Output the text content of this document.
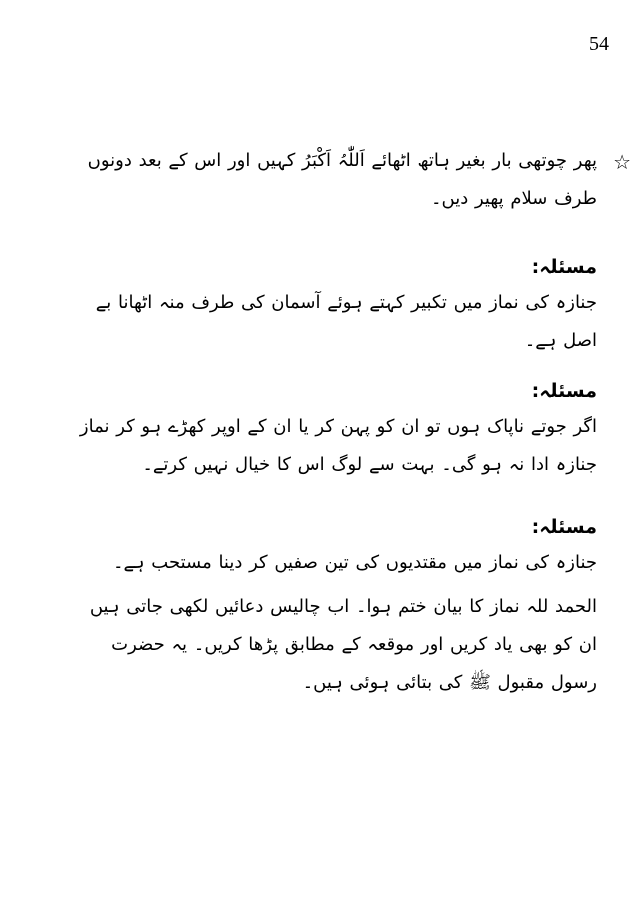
54
☆

پھر چوتھی بار بغیر ہاتھ اٹھائے اَللّٰہُ اَکْبَرُ کہیں اور اس کے بعد دونوں طرف سلام پھیر دیں۔

مسئلہ:

جنازہ کی نماز میں تکبیر کہتے ہوئے آسمان کی طرف منہ اٹھانا بے اصل ہے۔

مسئلہ:

اگر جوتے ناپاک ہوں تو ان کو پہن کر یا ان کے اوپر کھڑے ہو کر نماز جنازہ ادا نہ ہو گی۔ بہت سے لوگ اس کا خیال نہیں کرتے۔

مسئلہ:

جنازہ کی نماز میں مقتدیوں کی تین صفیں کر دینا مستحب ہے۔

الحمد للہ نماز کا بیان ختم ہوا۔ اب چالیس دعائیں لکھی جاتی ہیں ان کو بھی یاد کریں اور موقعہ کے مطابق پڑھا کریں۔ یہ حضرت رسول مقبول ﷺ کی بتائی ہوئی ہیں۔
